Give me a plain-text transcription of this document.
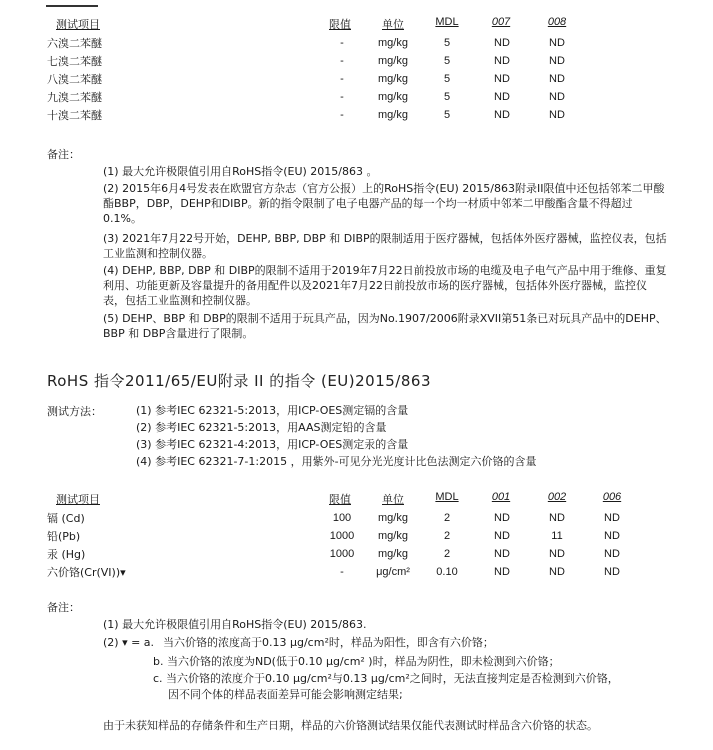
测试项目	限值	单位	MDL	007	008
六溴二苯醚	-	mg/kg	5	ND	ND
七溴二苯醚	-	mg/kg	5	ND	ND
八溴二苯醚	-	mg/kg	5	ND	ND
九溴二苯醚	-	mg/kg	5	ND	ND
十溴二苯醚	-	mg/kg	5	ND	ND
备注：
(1) 最大允许极限值引用自RoHS指令(EU) 2015/863 。
(2) 2015年6月4号发表在欧盟官方杂志（官方公报）上的RoHS指令(EU) 2015/863附录II限值中还包括邻苯二甲酸酯BBP，DBP，DEHP和DIBP。新的指令限制了电子电器产品的每一个均一材质中邻苯二甲酸酯含量不得超过0.1%。
(3) 2021年7月22号开始，DEHP, BBP, DBP 和 DIBP的限制适用于医疗器械，包括体外医疗器械，监控仪表，包括工业监测和控制仪器。
(4) DEHP, BBP, DBP 和 DIBP的限制不适用于2019年7月22日前投放市场的电缆及电子电气产品中用于维修、重复利用、功能更新及容量提升的备用配件以及2021年7月22日前投放市场的医疗器械，包括体外医疗器械，监控仪表，包括工业监测和控制仪器。
(5) DEHP、BBP 和 DBP的限制不适用于玩具产品，因为No.1907/2006附录XVII第51条已对玩具产品中的DEHP、BBP 和 DBP含量进行了限制。
RoHS 指令2011/65/EU附录 II 的指令 (EU)2015/863
测试方法：	(1) 参考IEC 62321-5:2013，用ICP-OES测定镉的含量
(2) 参考IEC 62321-5:2013，用AAS测定铅的含量
(3) 参考IEC 62321-4:2013，用ICP-OES测定汞的含量
(4) 参考IEC 62321-7-1:2015 ，用紫外-可见分光光度计比色法测定六价铬的含量
测试项目	限值	单位	MDL	001	002	006
镉 (Cd)	100 mg/kg	2	ND	ND	ND
铅(Pb)	1000 mg/kg	2	ND	11	ND
汞 (Hg)	1000 mg/kg	2	ND	ND	ND
六价铬(Cr(VI))▾	-	μg/cm² 0.10	ND	ND	ND
备注：
(1) 最大允许极限值引用自RoHS指令(EU) 2015/863.
(2) ▾ = a. 当六价铬的浓度高于0.13 μg/cm²时，样品为阳性，即含有六价铬；
b. 当六价铬的浓度为ND(低于0.10 μg/cm² )时，样品为阴性，即未检测到六价铬；
c. 当六价铬的浓度介于0.10 μg/cm²与0.13 μg/cm²之间时，无法直接判定是否检测到六价铬，
因不同个体的样品表面差异可能会影响测定结果;
由于未获知样品的存储条件和生产日期，样品的六价铬测试结果仅能代表测试时样品含六价铬的状态。
